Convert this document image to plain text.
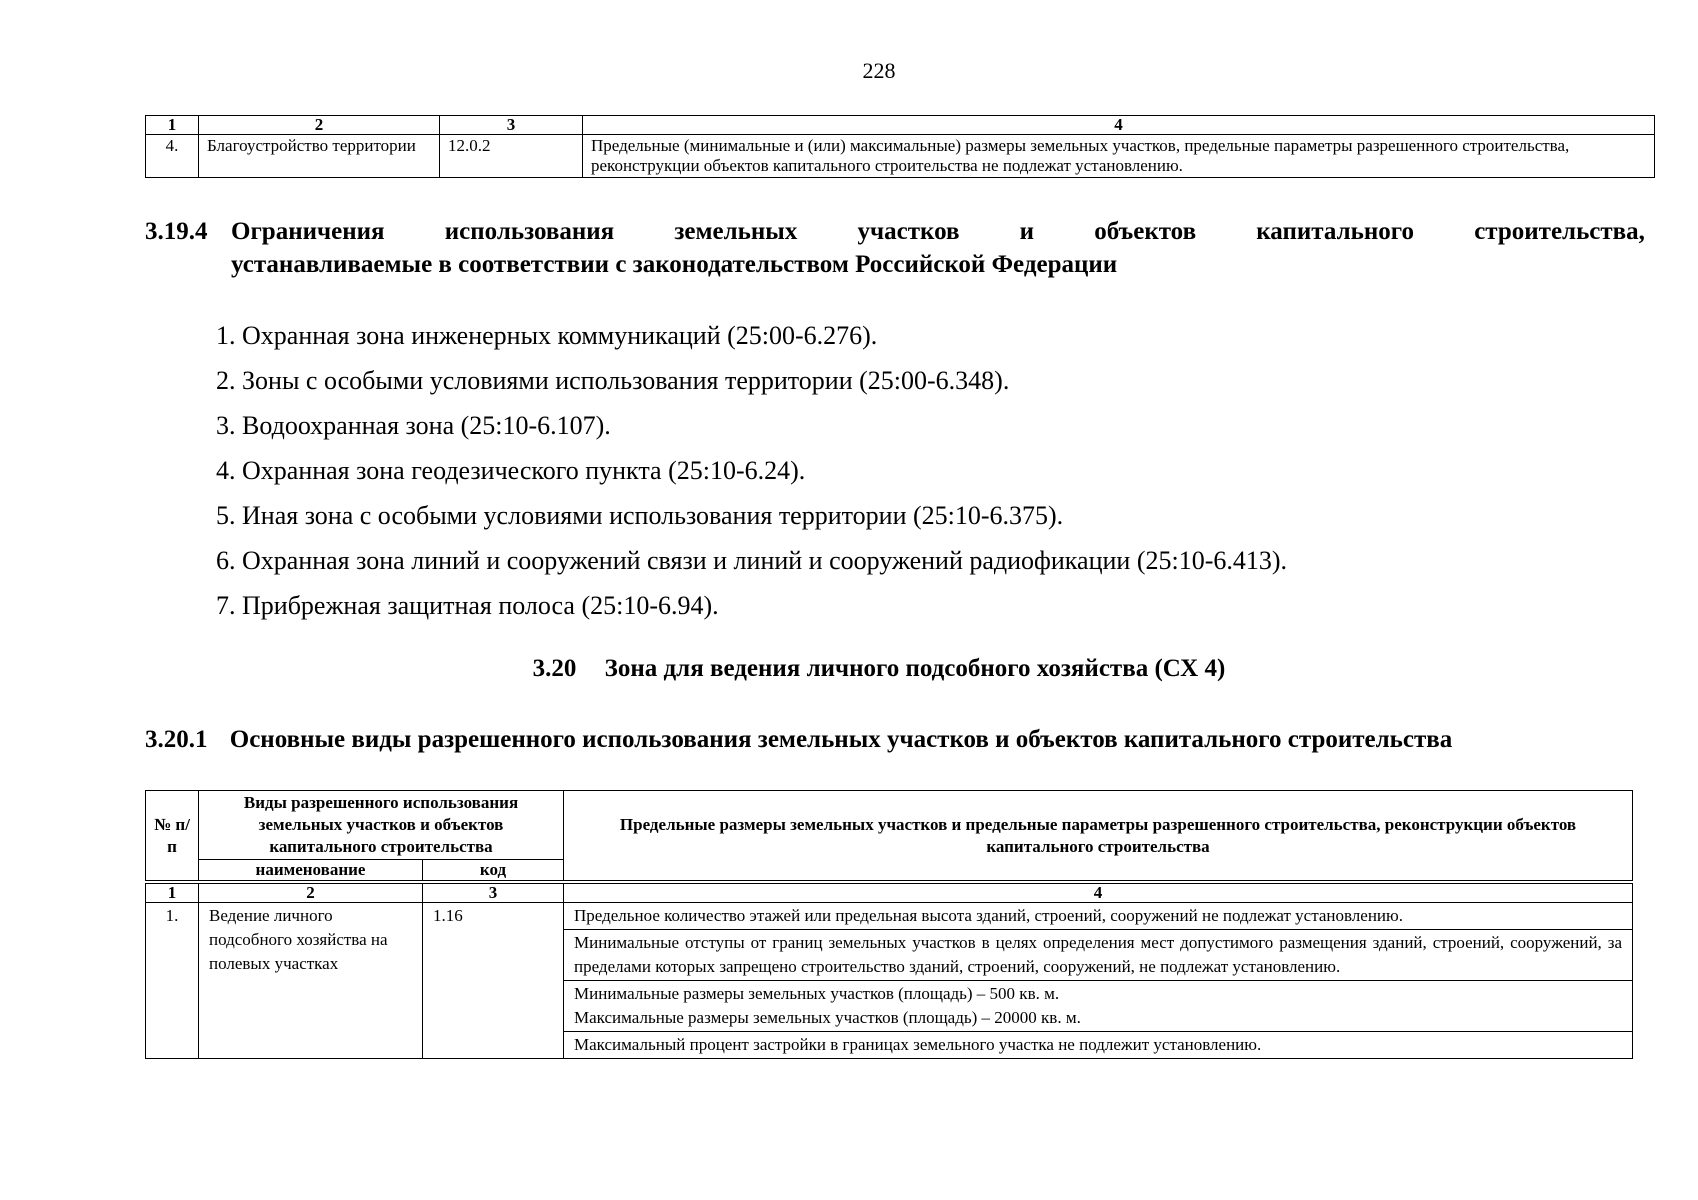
228
1	2	3	4
4.	Благоустройство территории	12.0.2	Предельные (минимальные и (или) максимальные) размеры земельных участков, предельные параметры разрешенного строительства, реконструкции объектов капитального строительства не подлежат установлению.
3.19.4 Ограничения использования земельных участков и объектов капитального строительства,
устанавливаемые в соответствии с законодательством Российской Федерации
1. Охранная зона инженерных коммуникаций (25:00-6.276).
2. Зоны с особыми условиями использования территории (25:00-6.348).
3. Водоохранная зона (25:10-6.107).
4. Охранная зона геодезического пункта (25:10-6.24).
5. Иная зона с особыми условиями использования территории (25:10-6.375).
6. Охранная зона линий и сооружений связи и линий и сооружений радиофикации (25:10-6.413).
7. Прибрежная защитная полоса (25:10-6.94).
3.20 Зона для ведения личного подсобного хозяйства (СХ 4)
3.20.1 Основные виды разрешенного использования земельных участков и объектов капитального строительства
№ п/п	Виды разрешенного использования земельных участков и объектов капитального строительства		Предельные размеры земельных участков и предельные параметры разрешенного строительства, реконструкции объектов капитального строительства
	наименование	код	

1	2	3	4
1.	Ведение личного подсобного хозяйства на полевых участках	1.16	Предельное количество этажей или предельная высота зданий, строений, сооружений не подлежат установлению.
			Минимальные отступы от границ земельных участков в целях определения мест допустимого размещения зданий, строений, сооружений, за пределами которых запрещено строительство зданий, строений, сооружений, не подлежат установлению.

			Минимальные размеры земельных участков (площадь) – 500 кв. м.
Максимальные размеры земельных участков (площадь) – 20000 кв. м.

			Максимальный процент застройки в границах земельного участка не подлежит установлению.
